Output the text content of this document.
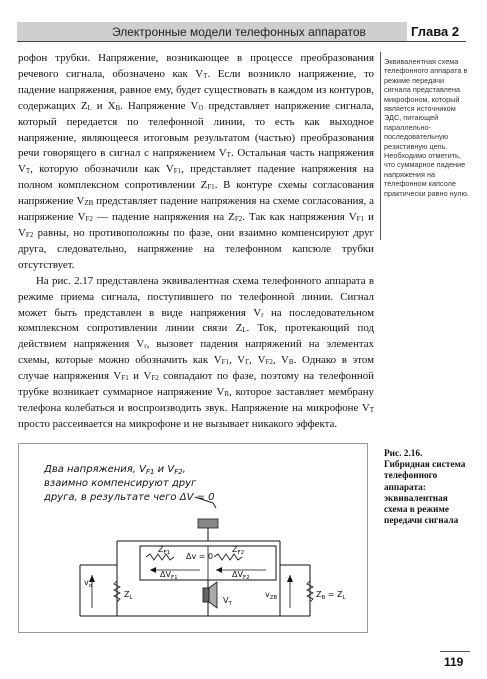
Электронные модели телефонных аппаратов	Глава 2

рофон трубки. Напряжение, возникающее в процессе преобразования речевого сигнала, обозначено как $V_T$. Если возникло напряжение, то падение напряжения, равное ему, будет существовать в каждом из контуров, содержащих $Z_L$ и $X_B$. Напряжение $V_O$ представляет напряжение сигнала, который передается по телефонной линии, то есть как выходное напряжение, являющееся итоговым результатом (частью) преобразования речи говорящего в сигнал с напряжением $V_T$. Остальная часть напряжения $V_T$, которую обозначили как $V_{F1}$, представляет падение напряжения на полном комплексном сопротивлении $Z_{F1}$. В контуре схемы согласования напряжение $V_{ZB}$ представляет падение напряжения на схеме согласования, а напряжение $V_{F2}$ — падение напряжения на $Z_{F2}$. Так как напряжения $V_{F1}$ и $V_{F2}$ равны, но противоположны по фазе, они взаимно компенсируют друг друга, следовательно, напряжение на телефонном капсюле трубки отсутствует.

На рис. 2.17 представлена эквивалентная схема телефонного аппарата в режиме приема сигнала, поступившего по телефонной линии. Сигнал может быть представлен в виде напряжения $V_r$ на последовательном комплексном сопротивлении линии связи $Z_L$. Ток, протекающий под действием напряжения $V_r$, вызовет падения напряжений на элементах схемы, которые можно обозначить как $V_{F1}$, $V_Г$, $V_{F2}$, $V_B$. Однако в этом случае напряжения $V_{F1}$ и $V_{F2}$ совпадают по фазе, поэтому на телефонной трубке возникает суммарное напряжение $V_R$, которое заставляет мембрану телефона колебаться и воспроизводить звук. Напряжение на микрофоне $V_T$ просто рассеивается на микрофоне и не вызывает никакого эффекта.

Эквивалентная схема телефонного аппарата в режиме передачи сигнала представлена микрофоном, который является источником ЭДС, питающей параллельно-последовательную резистивную цепь. Необходимо отметить, что суммарное падение напряжения на телефонном капсоле практически равно нулю.
Два напряжения, $V_{F1}$ и $V_{F2}$,
взаимно компенсируют друг
друга, в результате чего ΔV = 0
$Z_{F1}$	$Z_{F2}$
Δv = 0
$\Delta V_{F1}$	$\Delta V_{F2}$
$V_T$
$Z_L$
$v_o$
$Z_B = Z_L$
$v_{ZB}$
Рис. 2.16. Гибридная система телефонного аппарата: эквивалентная схема в режиме передачи сигнала
119
